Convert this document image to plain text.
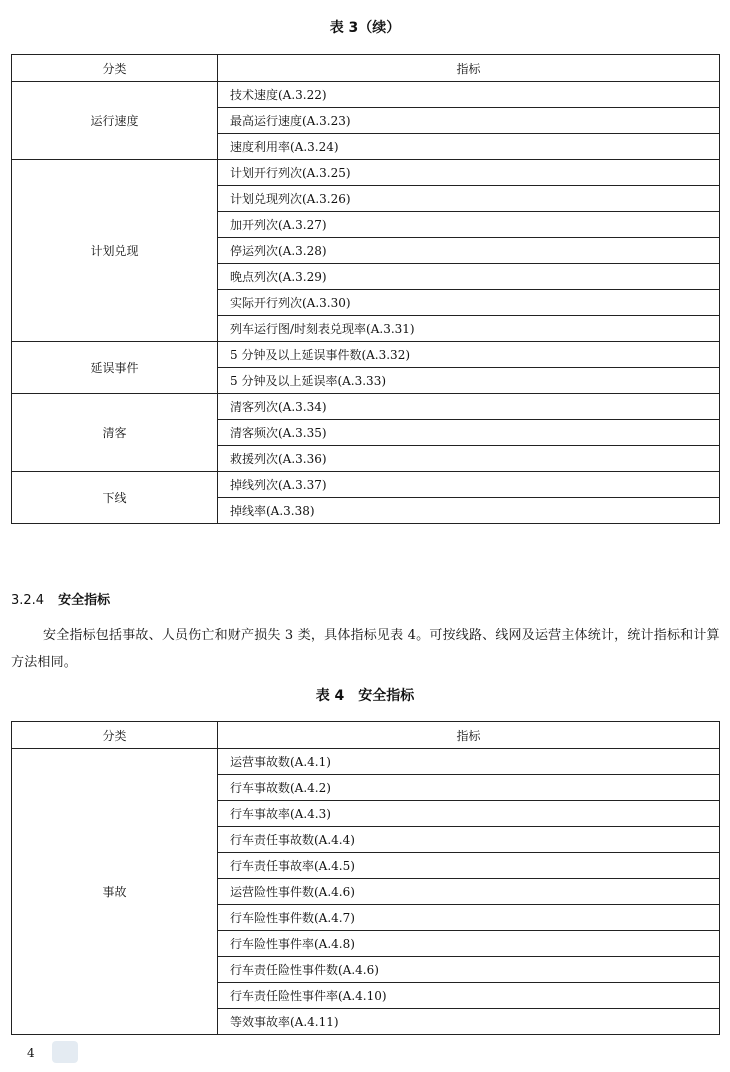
表 3（续）
分类	指标
运行速度	技术速度(A.3.22)
	最高运行速度(A.3.23)
	速度利用率(A.3.24)
计划兑现	计划开行列次(A.3.25)
	计划兑现列次(A.3.26)
	加开列次(A.3.27)
	停运列次(A.3.28)
	晚点列次(A.3.29)
	实际开行列次(A.3.30)
	列车运行图/时刻表兑现率(A.3.31)
延误事件	5 分钟及以上延误事件数(A.3.32)
	5 分钟及以上延误率(A.3.33)
清客	清客列次(A.3.34)
	清客频次(A.3.35)
	救援列次(A.3.36)
下线	掉线列次(A.3.37)
	掉线率(A.3.38)
3.2.4 安全指标
安全指标包括事故、人员伤亡和财产损失 3 类，具体指标见表 4。可按线路、线网及运营主体统计，统计指标和计算方法相同。
表 4　安全指标
分类	指标
事故	运营事故数(A.4.1)
	行车事故数(A.4.2)
	行车事故率(A.4.3)
	行车责任事故数(A.4.4)
	行车责任事故率(A.4.5)
	运营险性事件数(A.4.6)
	行车险性事件数(A.4.7)
	行车险性事件率(A.4.8)
	行车责任险性事件数(A.4.6)
	行车责任险性事件率(A.4.10)
	等效事故率(A.4.11)
4
